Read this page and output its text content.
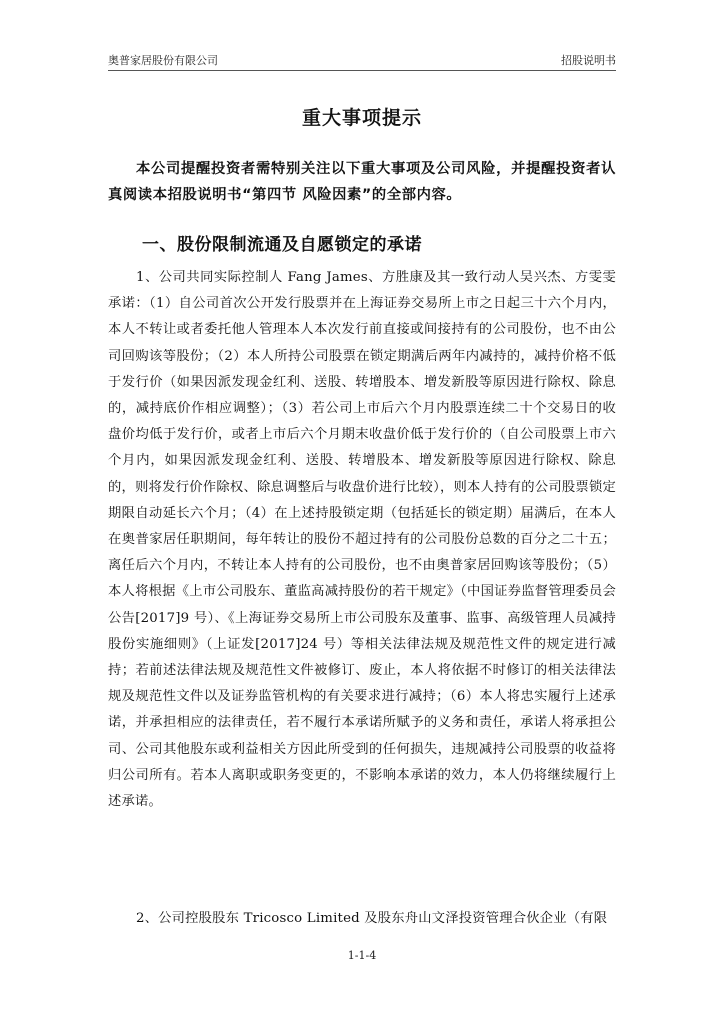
奥普家居股份有限公司	招股说明书
重大事项提示

本公司提醒投资者需特别关注以下重大事项及公司风险，并提醒投资者认真阅读本招股说明书“第四节 风险因素”的全部内容。

一、股份限制流通及自愿锁定的承诺

1、公司共同实际控制人 Fang James、方胜康及其一致行动人吴兴杰、方雯雯承诺：（1）自公司首次公开发行股票并在上海证券交易所上市之日起三十六个月内，本人不转让或者委托他人管理本人本次发行前直接或间接持有的公司股份，也不由公司回购该等股份；（2）本人所持公司股票在锁定期满后两年内减持的，减持价格不低于发行价（如果因派发现金红利、送股、转增股本、增发新股等原因进行除权、除息的，减持底价作相应调整）；（3）若公司上市后六个月内股票连续二十个交易日的收盘价均低于发行价，或者上市后六个月期末收盘价低于发行价的（自公司股票上市六个月内，如果因派发现金红利、送股、转增股本、增发新股等原因进行除权、除息的，则将发行价作除权、除息调整后与收盘价进行比较），则本人持有的公司股票锁定期限自动延长六个月；（4）在上述持股锁定期（包括延长的锁定期）届满后，在本人在奥普家居任职期间，每年转让的股份不超过持有的公司股份总数的百分之二十五；离任后六个月内，不转让本人持有的公司股份，也不由奥普家居回购该等股份；（5）本人将根据《上市公司股东、董监高减持股份的若干规定》（中国证券监督管理委员会公告[2017]9 号）、《上海证券交易所上市公司股东及董事、监事、高级管理人员减持股份实施细则》（上证发[2017]24 号）等相关法律法规及规范性文件的规定进行减持；若前述法律法规及规范性文件被修订、废止，本人将依据不时修订的相关法律法规及规范性文件以及证券监管机构的有关要求进行减持；（6）本人将忠实履行上述承诺，并承担相应的法律责任，若不履行本承诺所赋予的义务和责任，承诺人将承担公司、公司其他股东或利益相关方因此所受到的任何损失，违规减持公司股票的收益将归公司所有。若本人离职或职务变更的，不影响本承诺的效力，本人仍将继续履行上述承诺。

2、公司控股股东 Tricosco Limited 及股东舟山文泽投资管理合伙企业（有限

1-1-4
